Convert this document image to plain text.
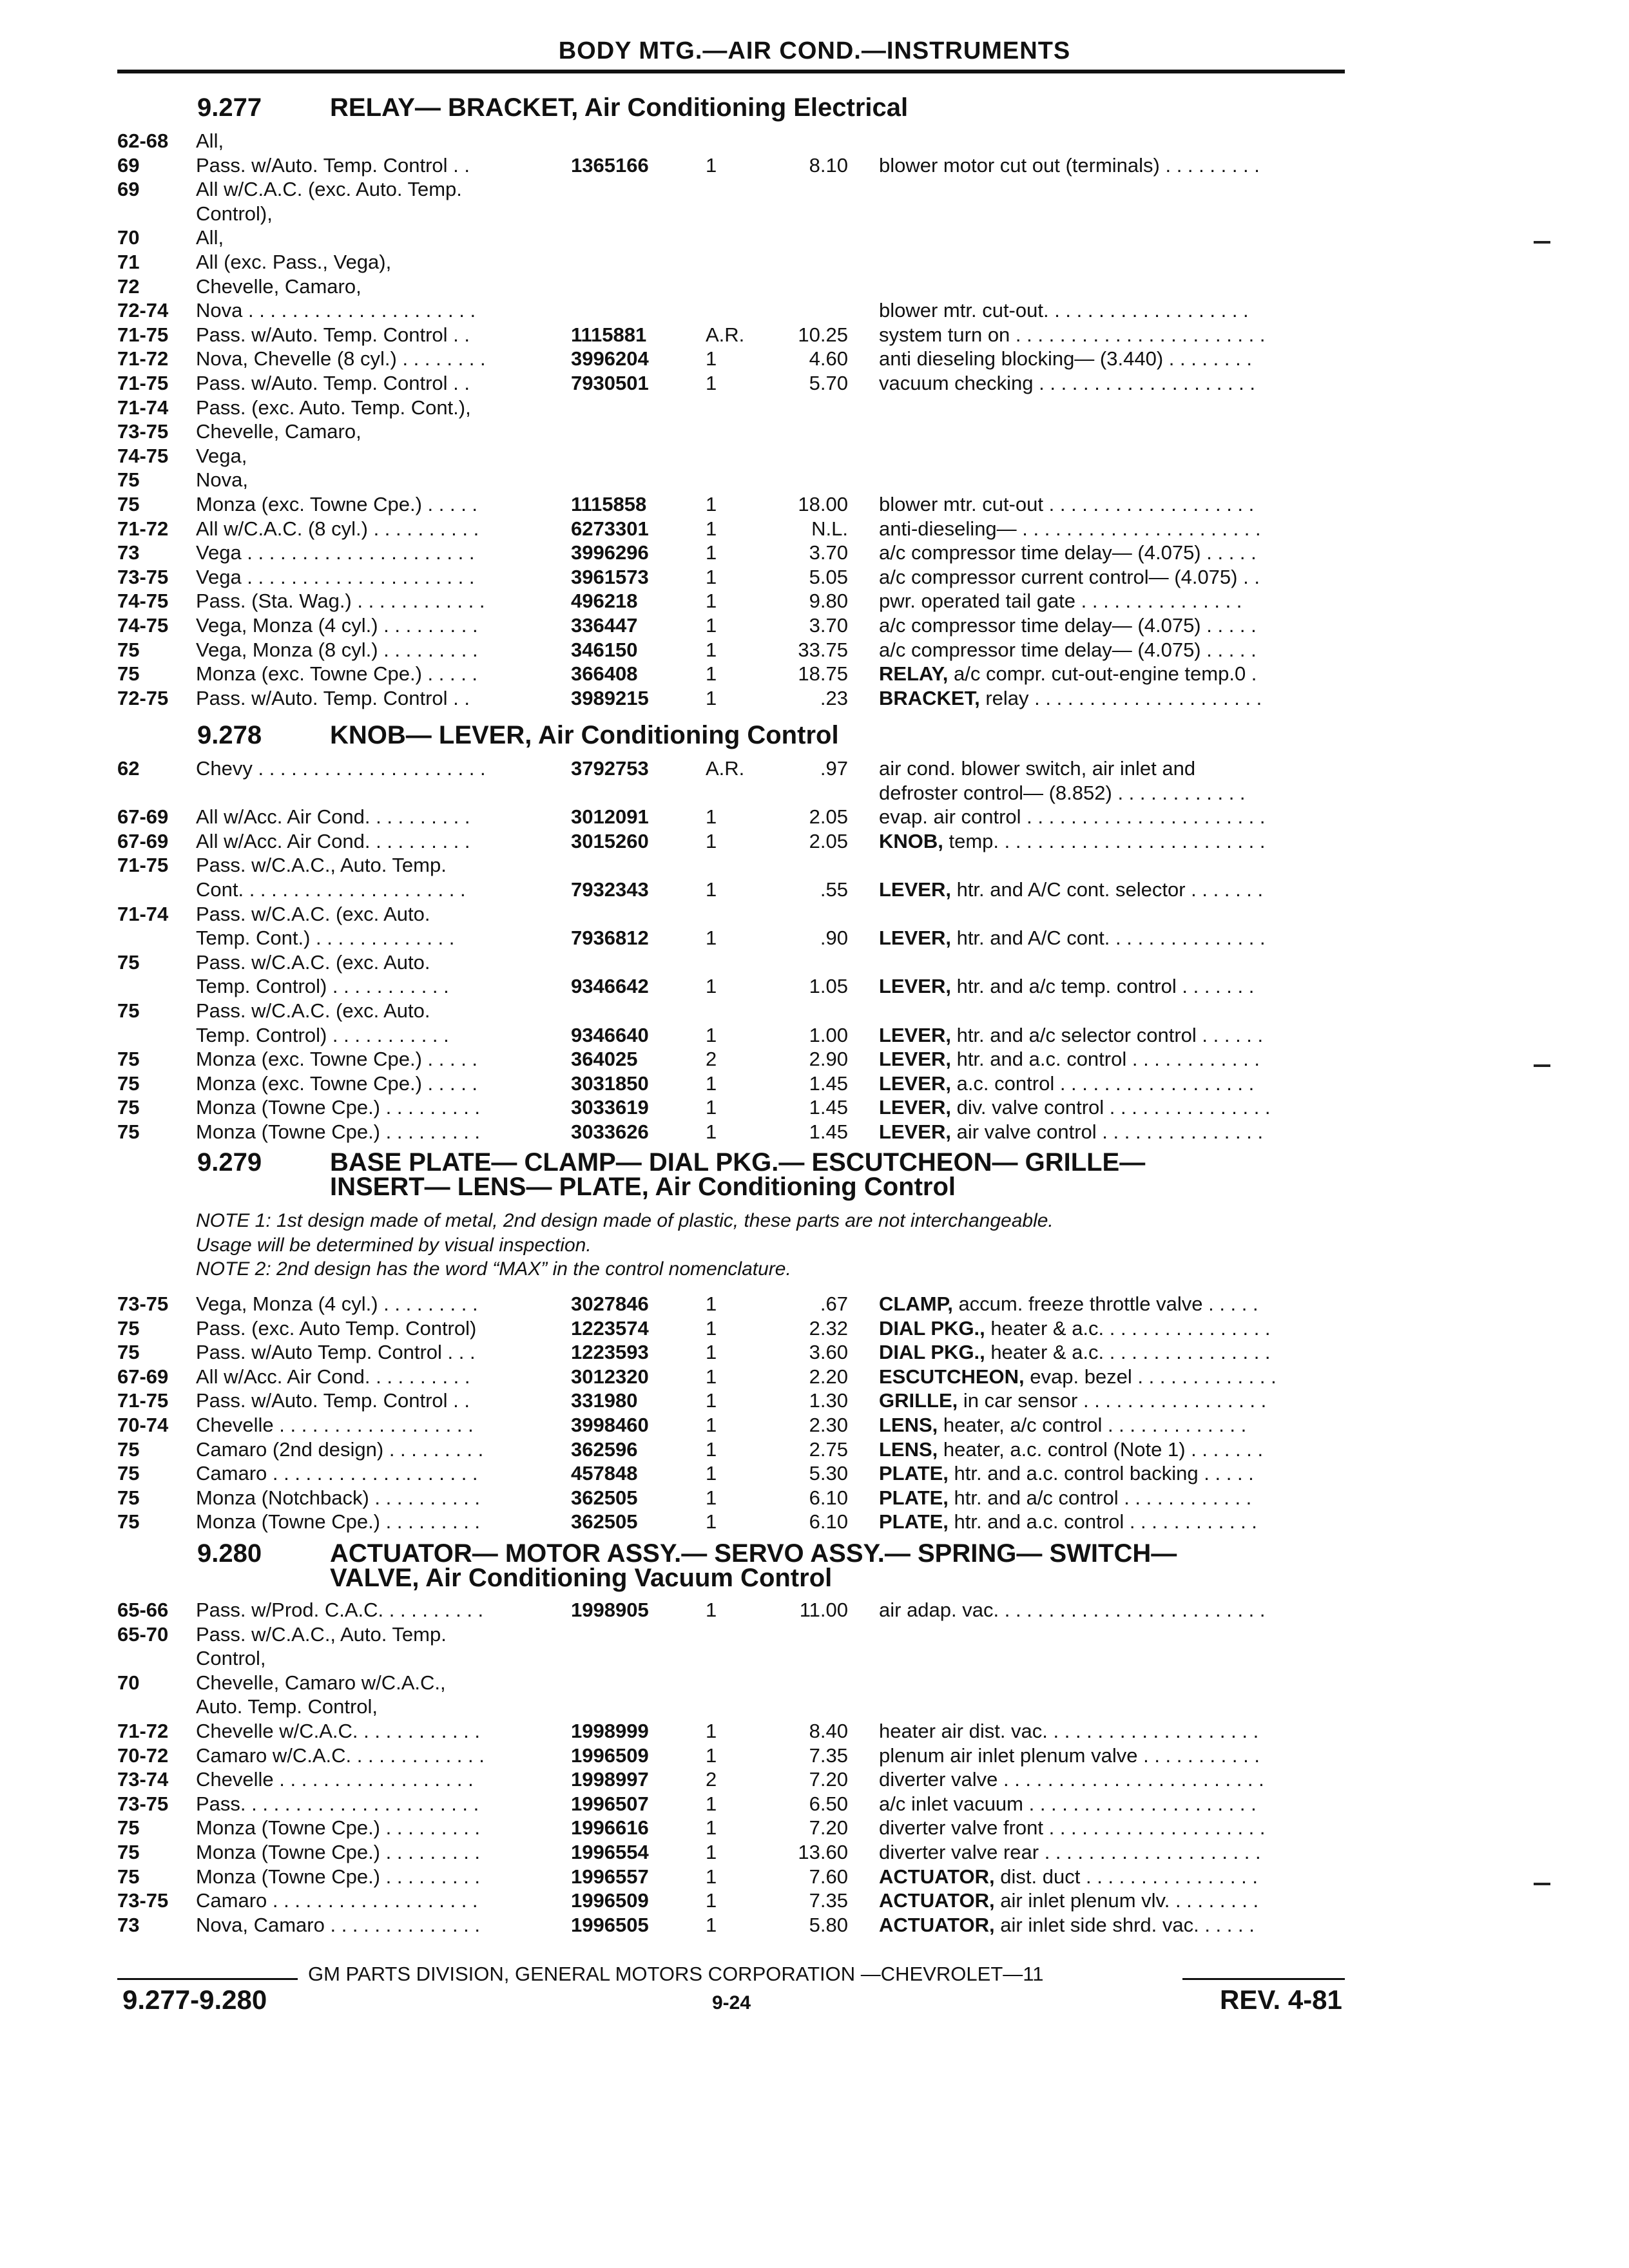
BODY MTG.—AIR COND.—INSTRUMENTS
9.277	RELAY— BRACKET, Air Conditioning Electrical
62-68 All,
69	Pass. w/Auto. Temp. Control . .	1365166	1	8.10 blower motor cut out (terminals) . . . . . . . . .
69	All w/C.A.C. (exc. Auto. Temp.
Control),
70	All,
71	All (exc. Pass., Vega),
72	Chevelle, Camaro,
72-74 Nova . . . . . . . . . . . . . . . . . . . . .	blower mtr. cut-out. . . . . . . . . . . . . . . . . . .
71-75 Pass. w/Auto. Temp. Control . .	1115881	A.R.	10.25 system turn on . . . . . . . . . . . . . . . . . . . . . . .
71-72 Nova, Chevelle (8 cyl.) . . . . . . . .	3996204	1	4.60 anti dieseling blocking— (3.440) . . . . . . . .
71-75 Pass. w/Auto. Temp. Control . .	7930501	1	5.70 vacuum checking . . . . . . . . . . . . . . . . . . . .
71-74 Pass. (exc. Auto. Temp. Cont.),
73-75 Chevelle, Camaro,
74-75 Vega,
75	Nova,
75	Monza (exc. Towne Cpe.) . . . . .	1115858	1	18.00 blower mtr. cut-out . . . . . . . . . . . . . . . . . . .
71-72 All w/C.A.C. (8 cyl.) . . . . . . . . . .	6273301	1	N.L. anti-dieseling— . . . . . . . . . . . . . . . . . . . . . .
73	Vega . . . . . . . . . . . . . . . . . . . . .	3996296	1	3.70 a/c compressor time delay— (4.075) . . . . .
73-75 Vega . . . . . . . . . . . . . . . . . . . . .	3961573	1	5.05 a/c compressor current control— (4.075) . .
74-75 Pass. (Sta. Wag.) . . . . . . . . . . . .	496218	1	9.80 pwr. operated tail gate . . . . . . . . . . . . . . .
74-75 Vega, Monza (4 cyl.) . . . . . . . . .	336447	1	3.70 a/c compressor time delay— (4.075) . . . . .
75	Vega, Monza (8 cyl.) . . . . . . . . .	346150	1	33.75 a/c compressor time delay— (4.075) . . . . .
75	Monza (exc. Towne Cpe.) . . . . .	366408	1	18.75 RELAY, a/c compr. cut-out-engine temp.0 .
72-75 Pass. w/Auto. Temp. Control . .	3989215	1	.23 BRACKET, relay . . . . . . . . . . . . . . . . . . . . .
9.278	KNOB— LEVER, Air Conditioning Control
62	Chevy . . . . . . . . . . . . . . . . . . . . .	3792753	A.R.	.97 air cond. blower switch, air inlet and
defroster control— (8.852) . . . . . . . . . . . .
67-69 All w/Acc. Air Cond. . . . . . . . . .	3012091	1	2.05 evap. air control . . . . . . . . . . . . . . . . . . . . . .
67-69 All w/Acc. Air Cond. . . . . . . . . .	3015260	1	2.05 KNOB, temp. . . . . . . . . . . . . . . . . . . . . . . . .
71-75 Pass. w/C.A.C., Auto. Temp.
Cont. . . . . . . . . . . . . . . . . . . . .	7932343	1	.55 LEVER, htr. and A/C cont. selector . . . . . . .
71-74 Pass. w/C.A.C. (exc. Auto.
Temp. Cont.) . . . . . . . . . . . . .	7936812	1	.90 LEVER, htr. and A/C cont. . . . . . . . . . . . . . .
75	Pass. w/C.A.C. (exc. Auto.
Temp. Control) . . . . . . . . . . .	9346642	1	1.05 LEVER, htr. and a/c temp. control . . . . . . .
75	Pass. w/C.A.C. (exc. Auto.
Temp. Control) . . . . . . . . . . .	9346640	1	1.00 LEVER, htr. and a/c selector control . . . . . .
75	Monza (exc. Towne Cpe.) . . . . .	364025	2	2.90 LEVER, htr. and a.c. control . . . . . . . . . . . .
75	Monza (exc. Towne Cpe.) . . . . .	3031850	1	1.45 LEVER, a.c. control . . . . . . . . . . . . . . . . . .
75	Monza (Towne Cpe.) . . . . . . . . .	3033619	1	1.45 LEVER, div. valve control . . . . . . . . . . . . . . .
75	Monza (Towne Cpe.) . . . . . . . . .	3033626	1	1.45 LEVER, air valve control . . . . . . . . . . . . . . .
9.279	BASE PLATE— CLAMP— DIAL PKG.— ESCUTCHEON— GRILLE—
INSERT— LENS— PLATE, Air Conditioning Control
NOTE 1: 1st design made of metal, 2nd design made of plastic, these parts are not interchangeable.
Usage will be determined by visual inspection.
NOTE 2: 2nd design has the word “MAX” in the control nomenclature.
73-75 Vega, Monza (4 cyl.) . . . . . . . . .	3027846	1	.67 CLAMP, accum. freeze throttle valve . . . . .
75	Pass. (exc. Auto Temp. Control)	1223574	1	2.32 DIAL PKG., heater & a.c. . . . . . . . . . . . . . . .
75	Pass. w/Auto Temp. Control . . .	1223593	1	3.60 DIAL PKG., heater & a.c. . . . . . . . . . . . . . . .
67-69 All w/Acc. Air Cond. . . . . . . . . .	3012320	1	2.20 ESCUTCHEON, evap. bezel . . . . . . . . . . . . .
71-75 Pass. w/Auto. Temp. Control . .	331980	1	1.30 GRILLE, in car sensor . . . . . . . . . . . . . . . . .
70-74 Chevelle . . . . . . . . . . . . . . . . . .	3998460	1	2.30 LENS, heater, a/c control . . . . . . . . . . . . .
75	Camaro (2nd design) . . . . . . . . .	362596	1	2.75 LENS, heater, a.c. control (Note 1) . . . . . . .
75	Camaro . . . . . . . . . . . . . . . . . . .	457848	1	5.30 PLATE, htr. and a.c. control backing . . . . .
75	Monza (Notchback) . . . . . . . . . .	362505	1	6.10 PLATE, htr. and a/c control . . . . . . . . . . . .
75	Monza (Towne Cpe.) . . . . . . . . .	362505	1	6.10 PLATE, htr. and a.c. control . . . . . . . . . . . .
9.280	ACTUATOR— MOTOR ASSY.— SERVO ASSY.— SPRING— SWITCH—
VALVE, Air Conditioning Vacuum Control
65-66 Pass. w/Prod. C.A.C. . . . . . . . . .	1998905	1	11.00 air adap. vac. . . . . . . . . . . . . . . . . . . . . . . . .
65-70 Pass. w/C.A.C., Auto. Temp.
Control,
70	Chevelle, Camaro w/C.A.C.,
Auto. Temp. Control,
71-72 Chevelle w/C.A.C. . . . . . . . . . . .	1998999	1	8.40 heater air dist. vac. . . . . . . . . . . . . . . . . . . .
70-72 Camaro w/C.A.C. . . . . . . . . . . . .	1996509	1	7.35 plenum air inlet plenum valve . . . . . . . . . . .
73-74 Chevelle . . . . . . . . . . . . . . . . . .	1998997	2	7.20 diverter valve . . . . . . . . . . . . . . . . . . . . . . . .
73-75 Pass. . . . . . . . . . . . . . . . . . . . . .	1996507	1	6.50 a/c inlet vacuum . . . . . . . . . . . . . . . . . . . . .
75	Monza (Towne Cpe.) . . . . . . . . .	1996616	1	7.20 diverter valve front . . . . . . . . . . . . . . . . . . . .
75	Monza (Towne Cpe.) . . . . . . . . .	1996554	1	13.60 diverter valve rear . . . . . . . . . . . . . . . . . . . .
75	Monza (Towne Cpe.) . . . . . . . . .	1996557	1	7.60 ACTUATOR, dist. duct . . . . . . . . . . . . . . . .
73-75 Camaro . . . . . . . . . . . . . . . . . . .	1996509	1	7.35 ACTUATOR, air inlet plenum vlv. . . . . . . . .
73	Nova, Camaro . . . . . . . . . . . . . .	1996505	1	5.80 ACTUATOR, air inlet side shrd. vac. . . . . .
GM PARTS DIVISION, GENERAL MOTORS CORPORATION —CHEVROLET—11
9.277-9.280	9-24	REV. 4-81
